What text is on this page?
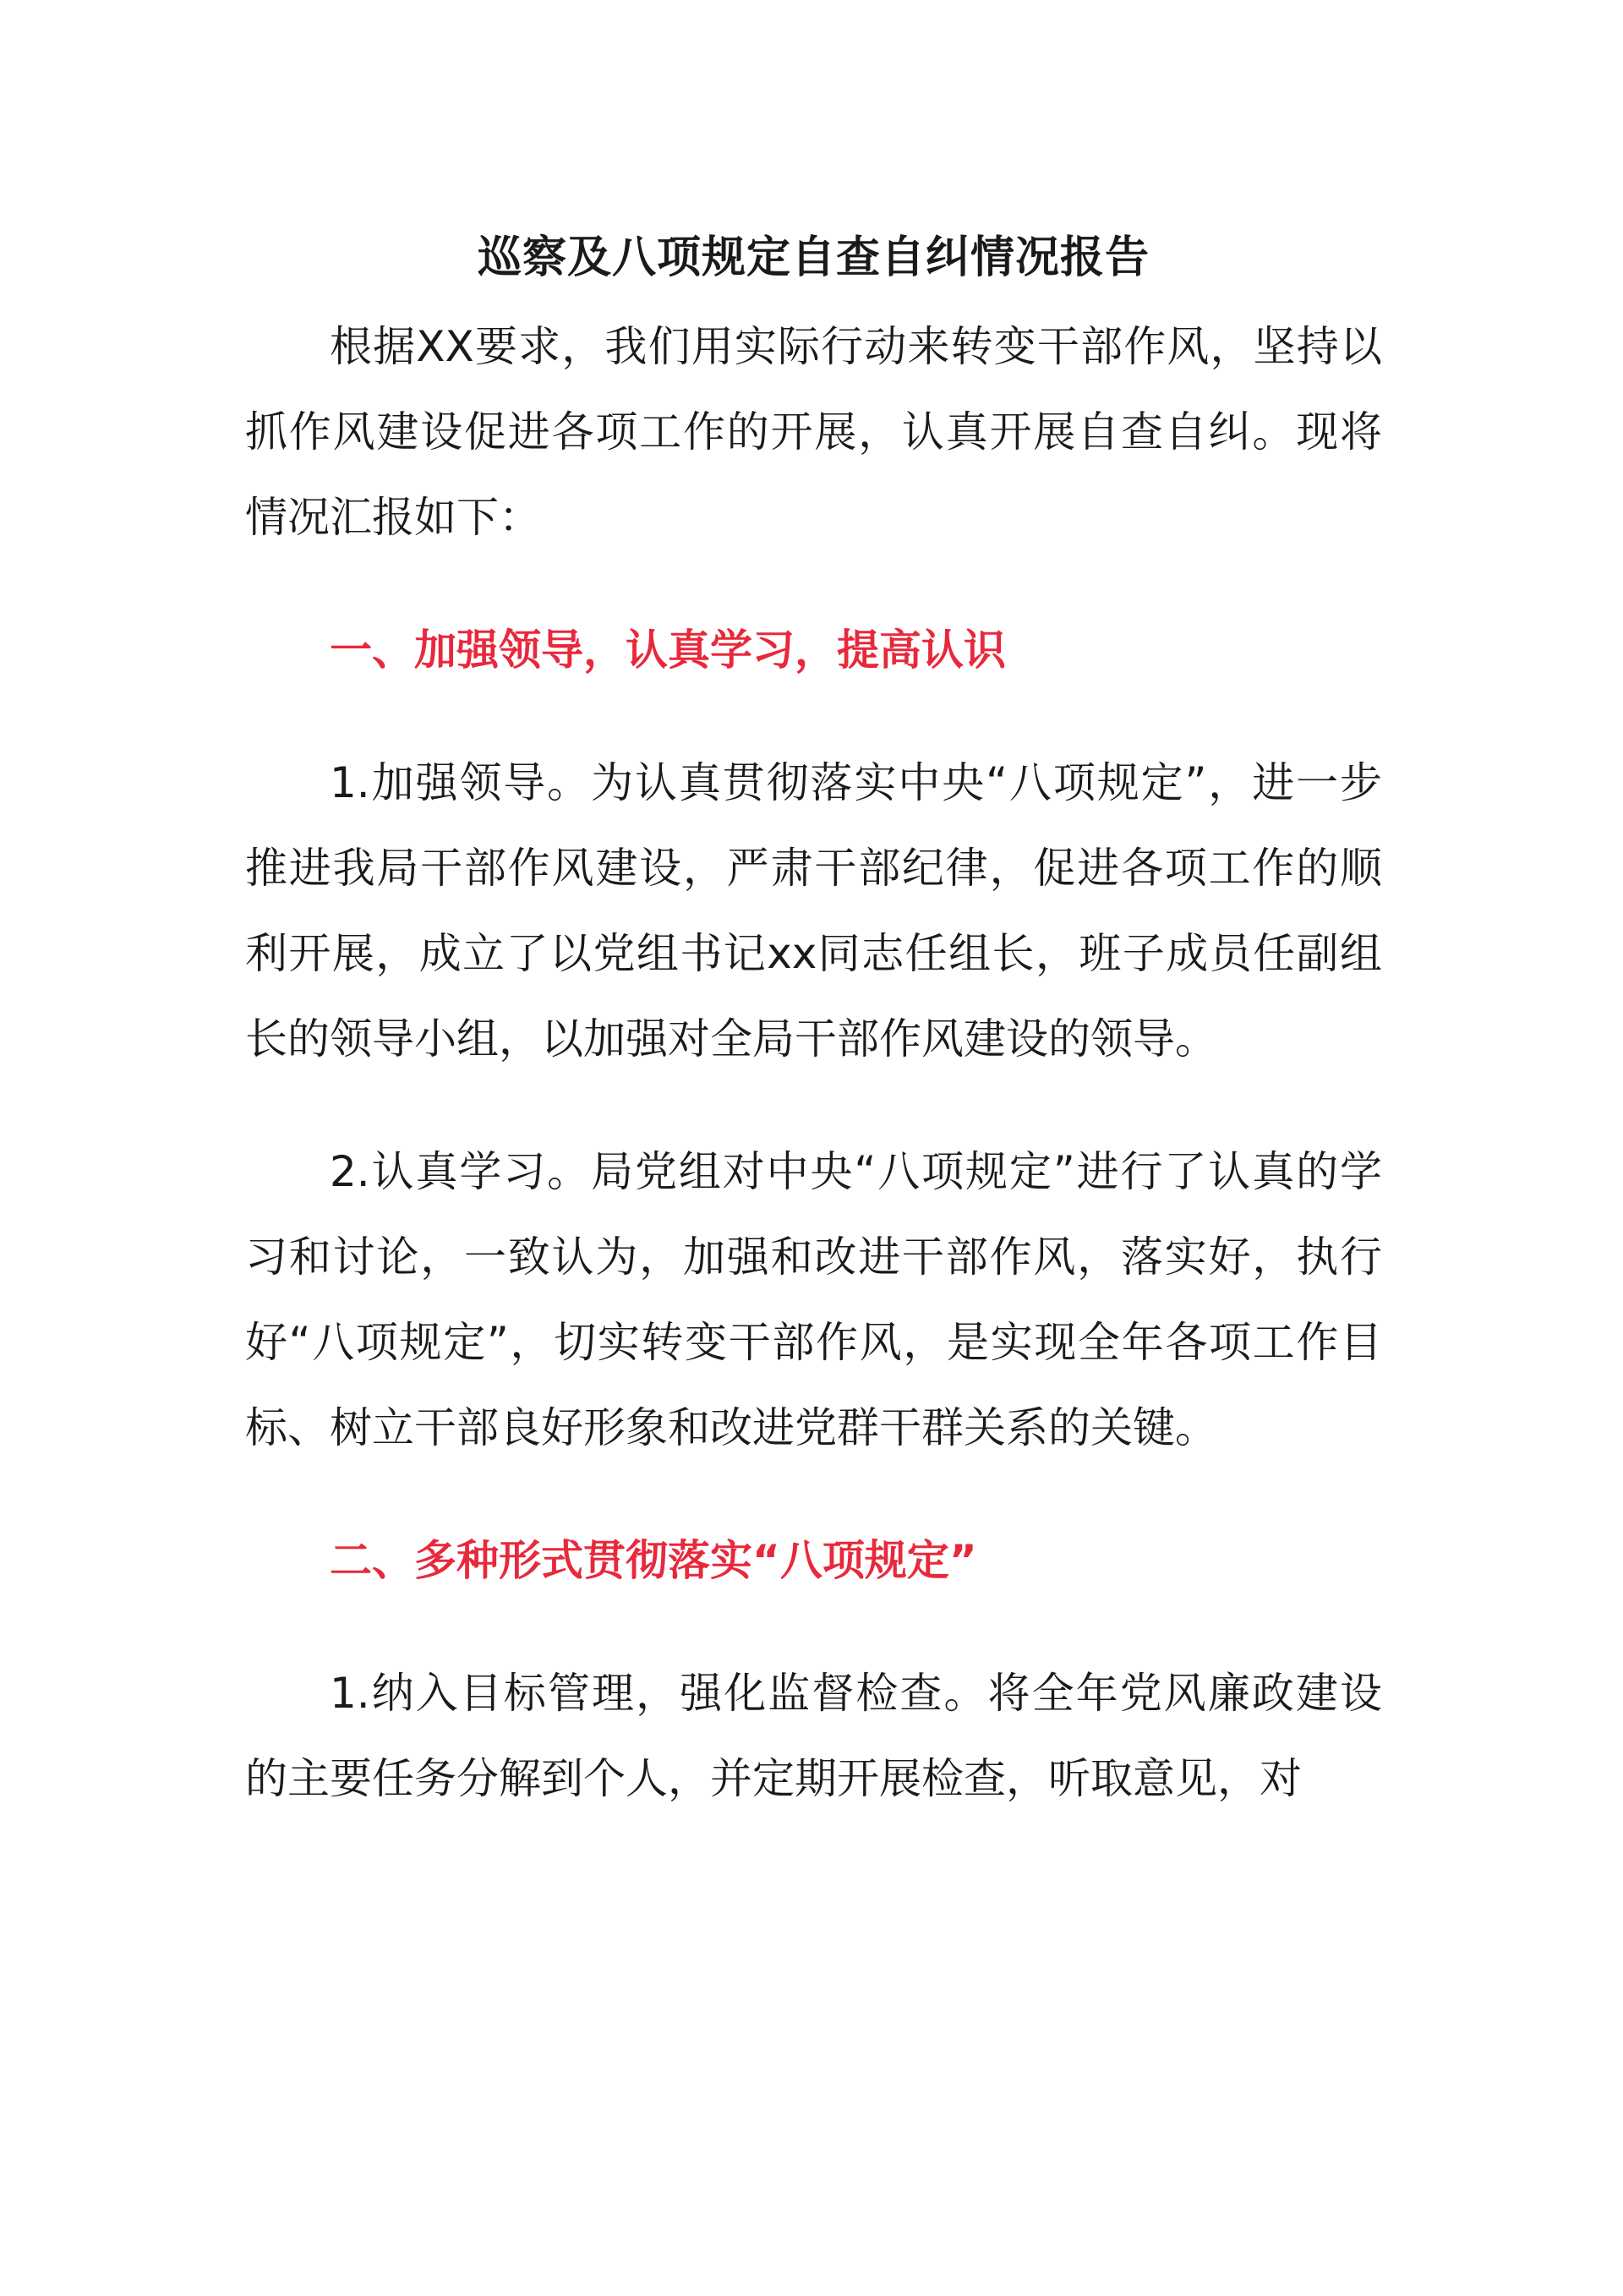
巡察及八项规定自查自纠情况报告

根据XX要求，我们用实际行动来转变干部作风，坚持以抓作风建设促进各项工作的开展，认真开展自查自纠。现将情况汇报如下：

一、加强领导，认真学习，提高认识

1.加强领导。为认真贯彻落实中央“八项规定”，进一步推进我局干部作风建设，严肃干部纪律，促进各项工作的顺利开展，成立了以党组书记xx同志任组长，班子成员任副组长的领导小组，以加强对全局干部作风建设的领导。

2.认真学习。局党组对中央“八项规定”进行了认真的学习和讨论，一致认为，加强和改进干部作风，落实好，执行好“八项规定”，切实转变干部作风，是实现全年各项工作目标、树立干部良好形象和改进党群干群关系的关键。

二、多种形式贯彻落实“八项规定”

1.纳入目标管理，强化监督检查。将全年党风廉政建设的主要任务分解到个人，并定期开展检查，听取意见，对
